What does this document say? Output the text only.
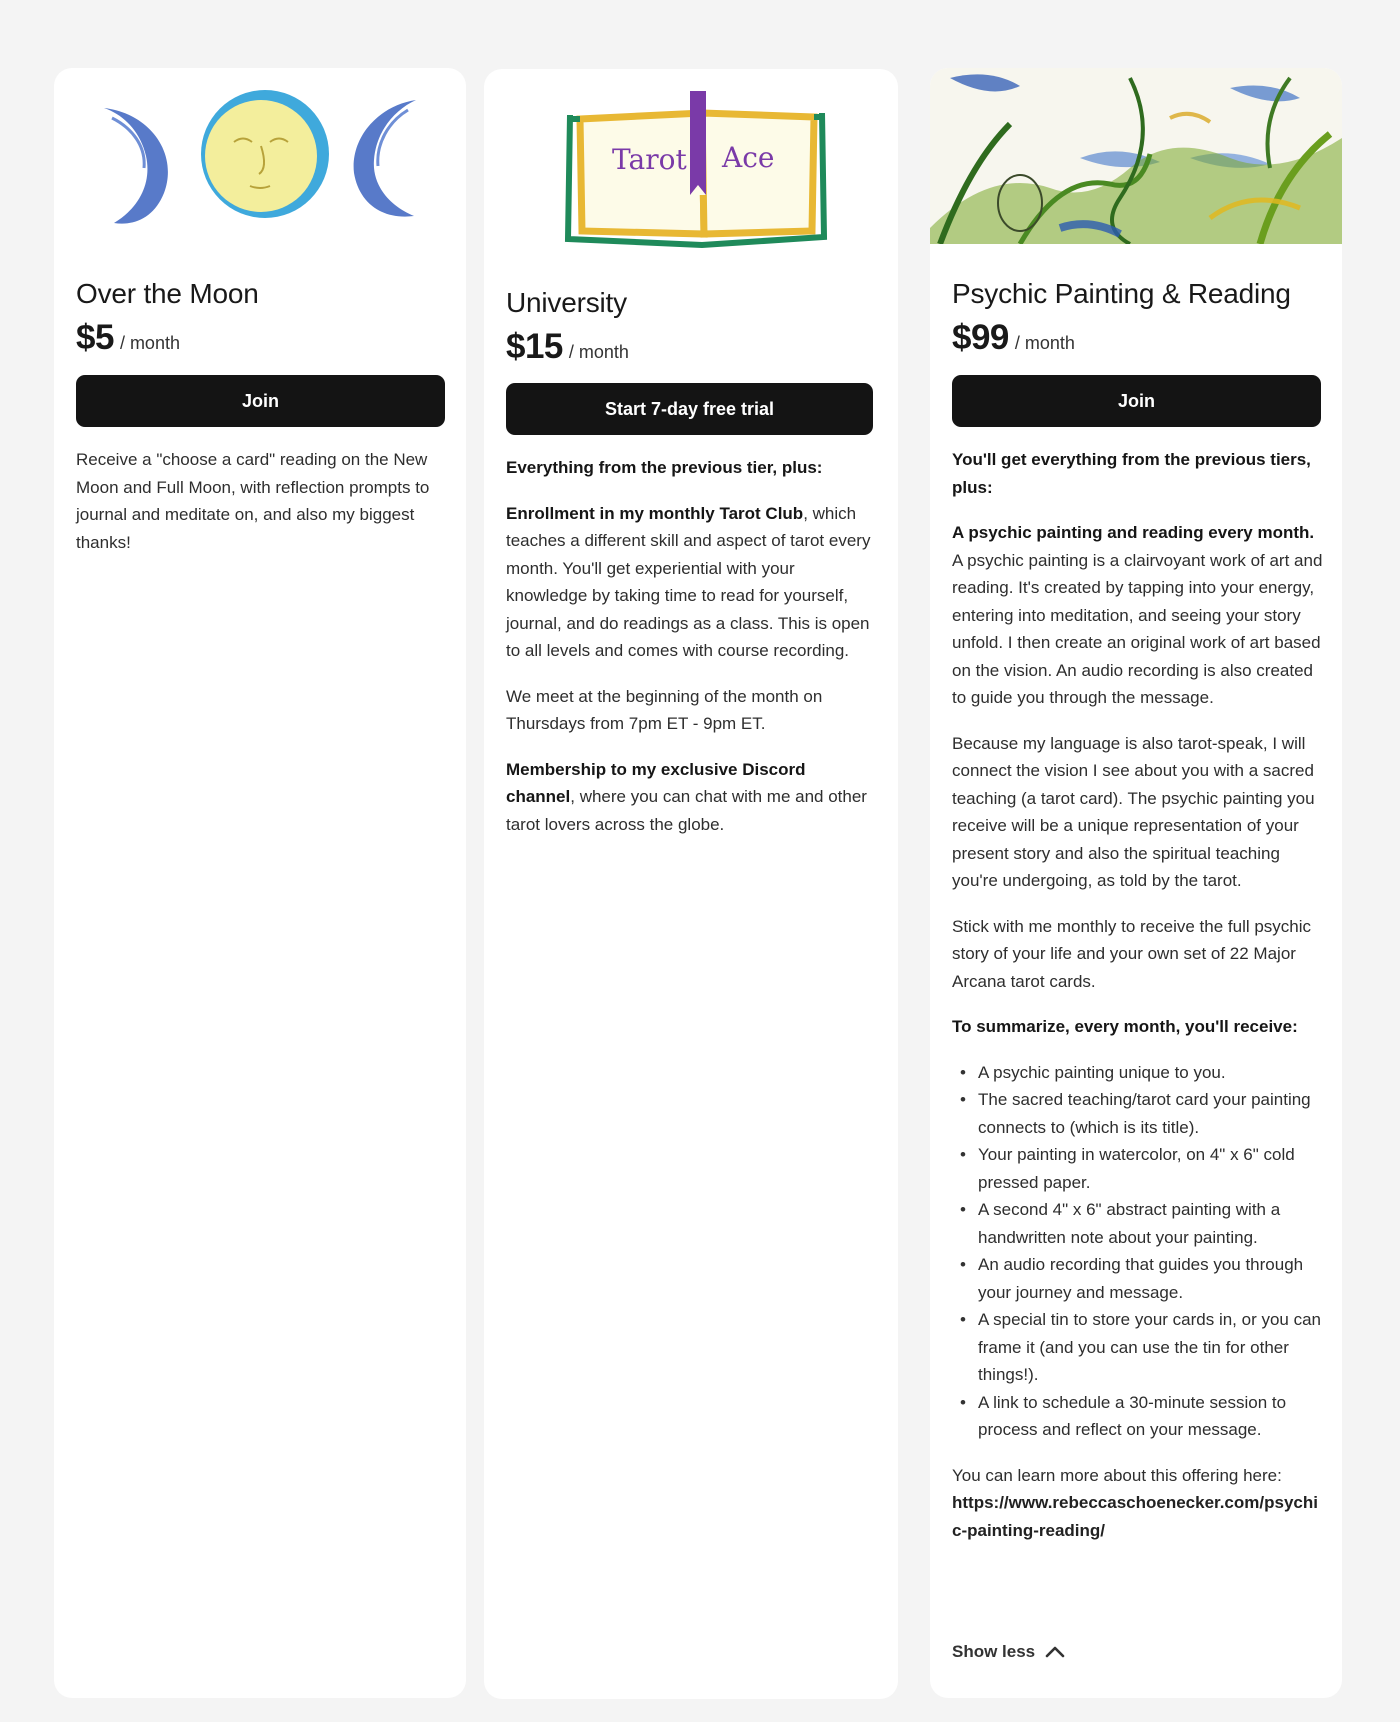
Over the Moon
$5 / month
Join

Receive a "choose a card" reading on the New Moon and Full Moon, with reflection prompts to journal and meditate on, and also my biggest thanks!

Tarot Ace
University
$15 / month
Start 7-day free trial

Everything from the previous tier, plus:

Enrollment in my monthly Tarot Club, which teaches a different skill and aspect of tarot every month. You'll get experiential with your knowledge by taking time to read for yourself, journal, and do readings as a class. This is open to all levels and comes with course recording.

We meet at the beginning of the month on Thursdays from 7pm ET - 9pm ET.

Membership to my exclusive Discord channel, where you can chat with me and other tarot lovers across the globe.

Psychic Painting & Reading
$99 / month
Join

You'll get everything from the previous tiers, plus:

A psychic painting and reading every month. A psychic painting is a clairvoyant work of art and reading. It's created by tapping into your energy, entering into meditation, and seeing your story unfold. I then create an original work of art based on the vision. An audio recording is also created to guide you through the message.

Because my language is also tarot-speak, I will connect the vision I see about you with a sacred teaching (a tarot card). The psychic painting you receive will be a unique representation of your present story and also the spiritual teaching you're undergoing, as told by the tarot.

Stick with me monthly to receive the full psychic story of your life and your own set of 22 Major Arcana tarot cards.

To summarize, every month, you'll receive:

• A psychic painting unique to you.
• The sacred teaching/tarot card your painting connects to (which is its title).
• Your painting in watercolor, on 4" x 6" cold pressed paper.
• A second 4" x 6" abstract painting with a handwritten note about your painting.
• An audio recording that guides you through your journey and message.
• A special tin to store your cards in, or you can frame it (and you can use the tin for other things!).
• A link to schedule a 30-minute session to process and reflect on your message.

You can learn more about this offering here:
https://www.rebeccaschoenecker.com/psychic-painting-reading/

Show less
